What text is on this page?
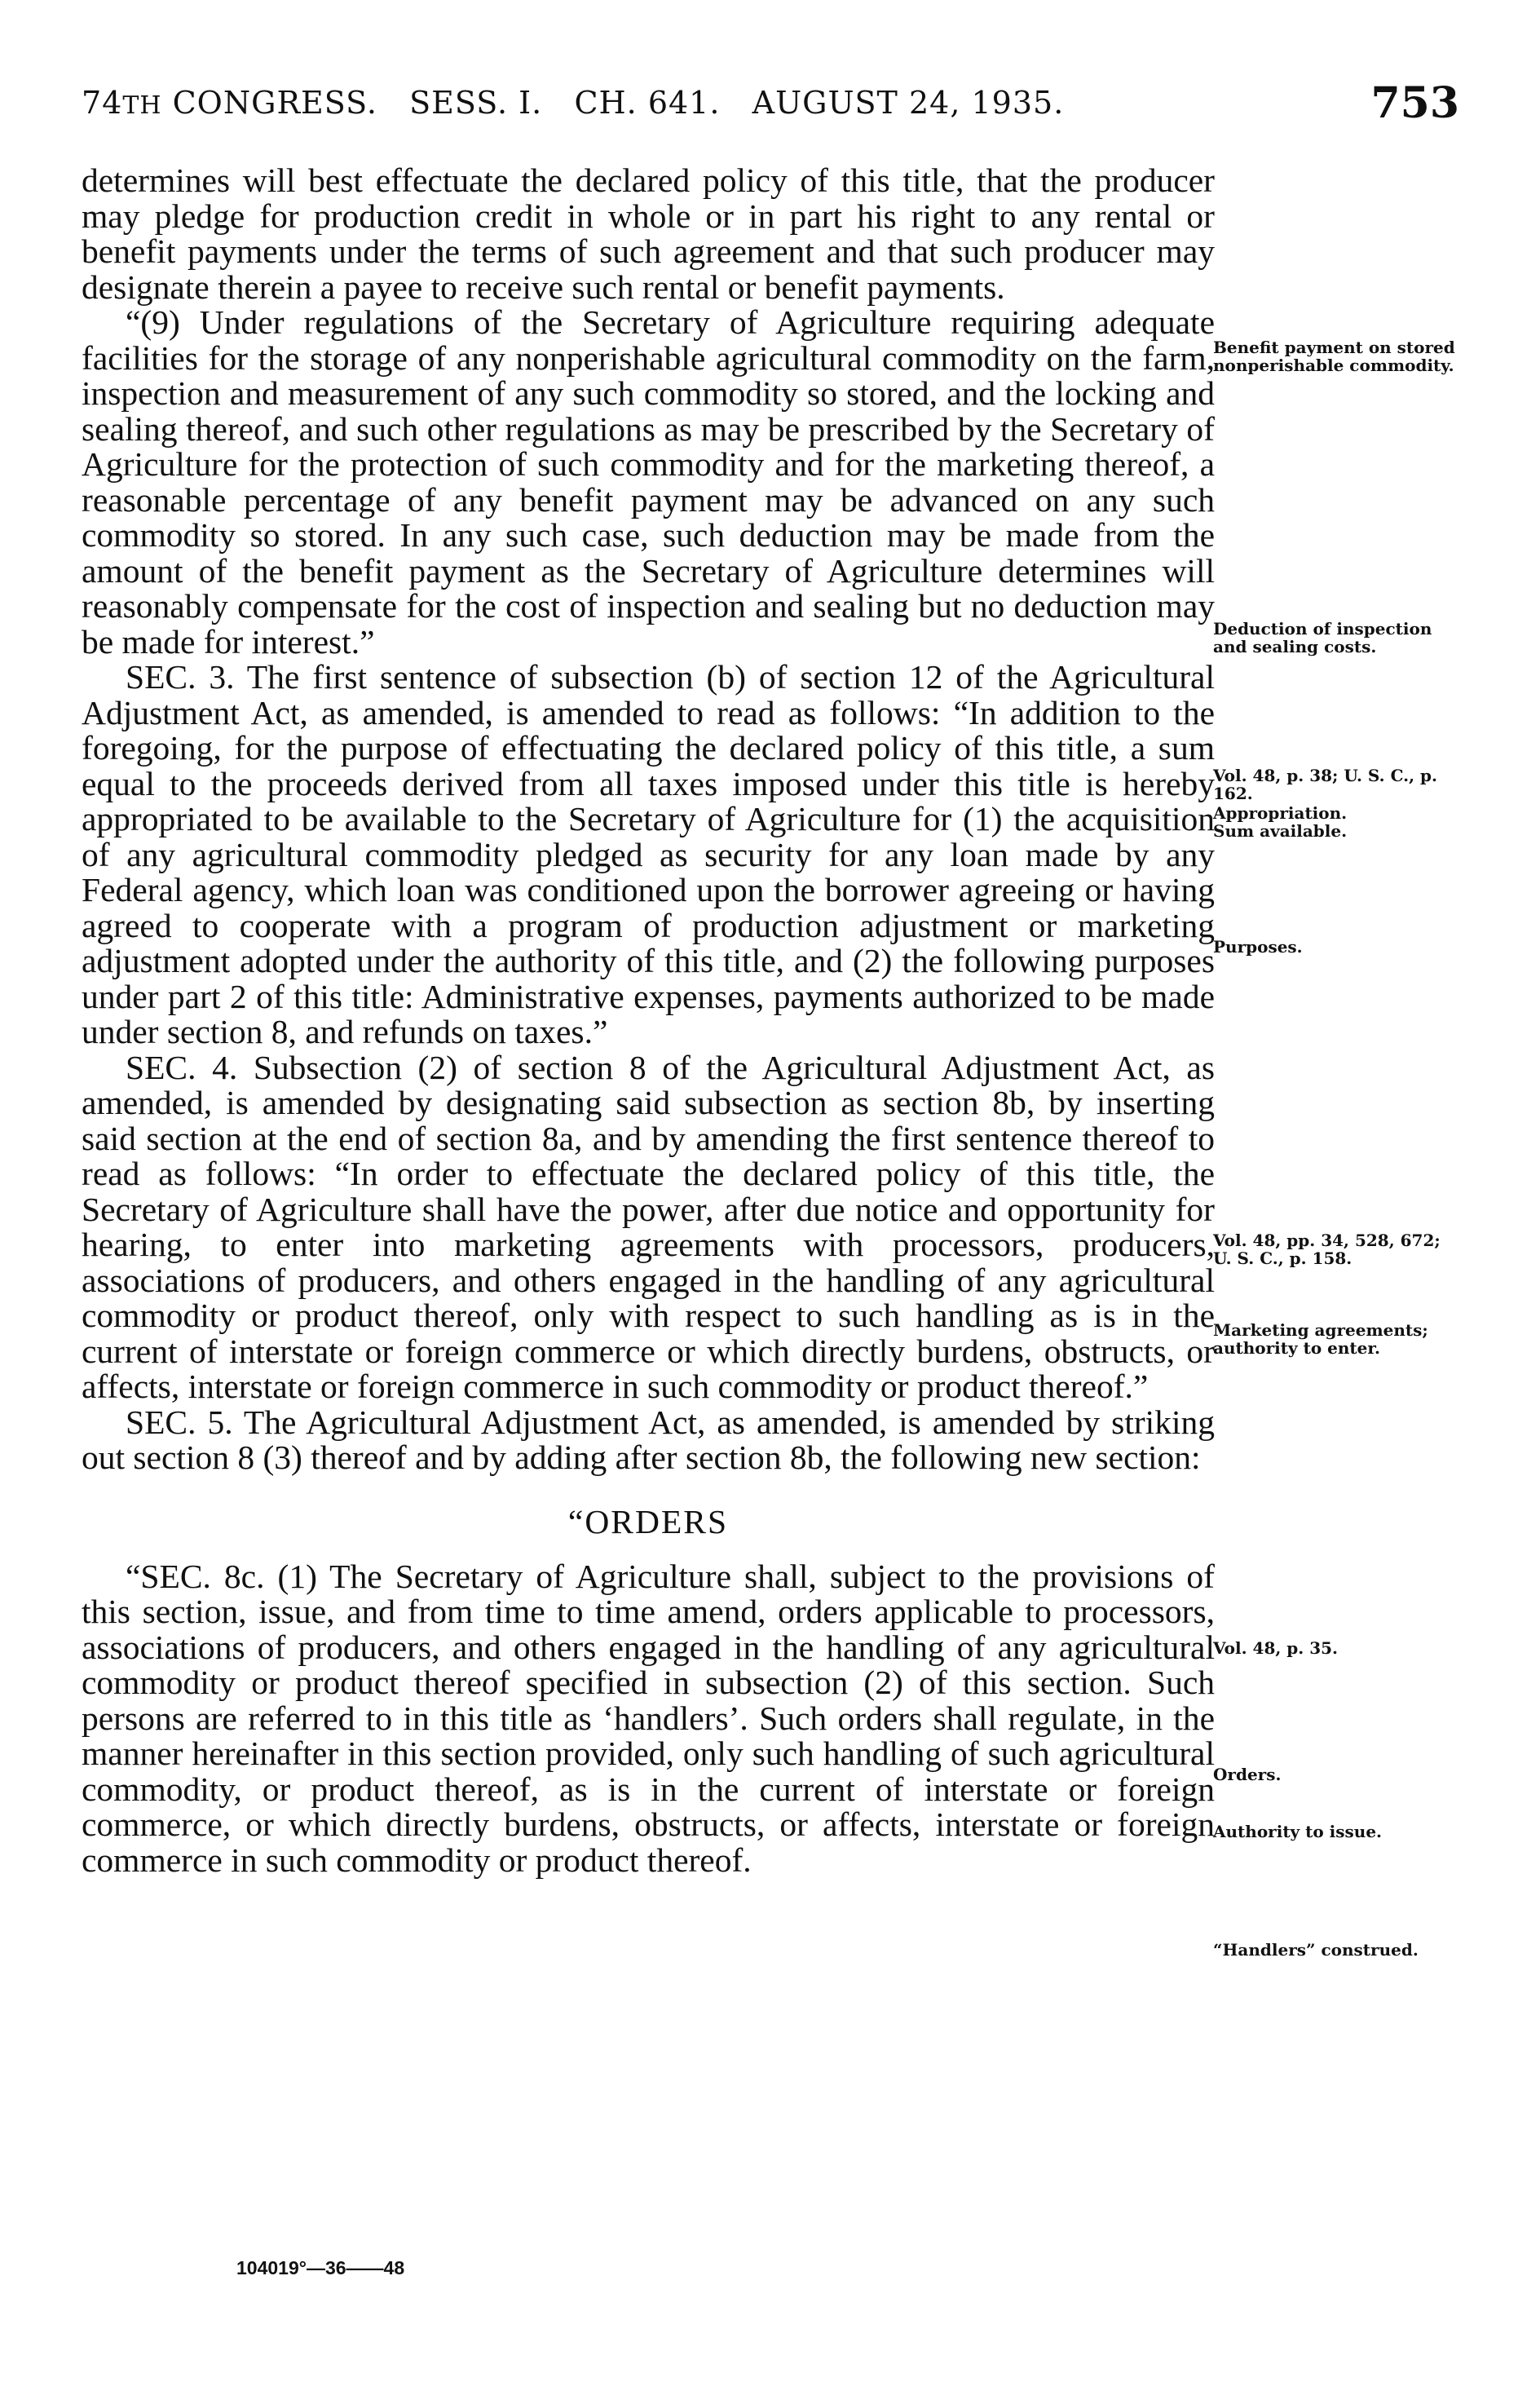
74TH CONGRESS.   SESS. I.   CH. 641.   AUGUST 24, 1935.	753

determines will best effectuate the declared policy of this title, that the producer may pledge for production credit in whole or in part his right to any rental or benefit payments under the terms of such agreement and that such producer may designate therein a payee to receive such rental or benefit payments.

“(9) Under regulations of the Secretary of Agriculture requiring adequate facilities for the storage of any nonperishable agricultural commodity on the farm, inspection and measurement of any such commodity so stored, and the locking and sealing thereof, and such other regulations as may be prescribed by the Secretary of Agriculture for the protection of such commodity and for the marketing thereof, a reasonable percentage of any benefit payment may be advanced on any such commodity so stored. In any such case, such deduction may be made from the amount of the benefit payment as the Secretary of Agriculture determines will reasonably compensate for the cost of inspection and sealing but no deduction may be made for interest.”

SEC. 3. The first sentence of subsection (b) of section 12 of the Agricultural Adjustment Act, as amended, is amended to read as follows: “In addition to the foregoing, for the purpose of effectuating the declared policy of this title, a sum equal to the proceeds derived from all taxes imposed under this title is hereby appropriated to be available to the Secretary of Agriculture for (1) the acquisition of any agricultural commodity pledged as security for any loan made by any Federal agency, which loan was conditioned upon the borrower agreeing or having agreed to cooperate with a program of production adjustment or marketing adjustment adopted under the authority of this title, and (2) the following purposes under part 2 of this title: Administrative expenses, payments authorized to be made under section 8, and refunds on taxes.”

SEC. 4. Subsection (2) of section 8 of the Agricultural Adjustment Act, as amended, is amended by designating said subsection as section 8b, by inserting said section at the end of section 8a, and by amending the first sentence thereof to read as follows: “In order to effectuate the declared policy of this title, the Secretary of Agriculture shall have the power, after due notice and opportunity for hearing, to enter into marketing agreements with processors, producers, associations of producers, and others engaged in the handling of any agricultural commodity or product thereof, only with respect to such handling as is in the current of interstate or foreign commerce or which directly burdens, obstructs, or affects, interstate or foreign commerce in such commodity or product thereof.”

SEC. 5. The Agricultural Adjustment Act, as amended, is amended by striking out section 8 (3) thereof and by adding after section 8b, the following new section:

“ORDERS

“SEC. 8c. (1) The Secretary of Agriculture shall, subject to the provisions of this section, issue, and from time to time amend, orders applicable to processors, associations of producers, and others engaged in the handling of any agricultural commodity or product thereof specified in subsection (2) of this section. Such persons are referred to in this title as ‘handlers’. Such orders shall regulate, in the manner hereinafter in this section provided, only such handling of such agricultural commodity, or product thereof, as is in the current of interstate or foreign commerce, or which directly burdens, obstructs, or affects, interstate or foreign commerce in such commodity or product thereof.

Benefit payment on stored nonperishable commodity.
Deduction of inspection and sealing costs.
Vol. 48, p. 38; U. S. C., p. 162.
Appropriation.
Sum available.
Purposes.
Vol. 48, pp. 34, 528, 672; U. S. C., p. 158.
Marketing agreements; authority to enter.
Vol. 48, p. 35.
Orders.
Authority to issue.
“Handlers” construed.
104019°—36——48
